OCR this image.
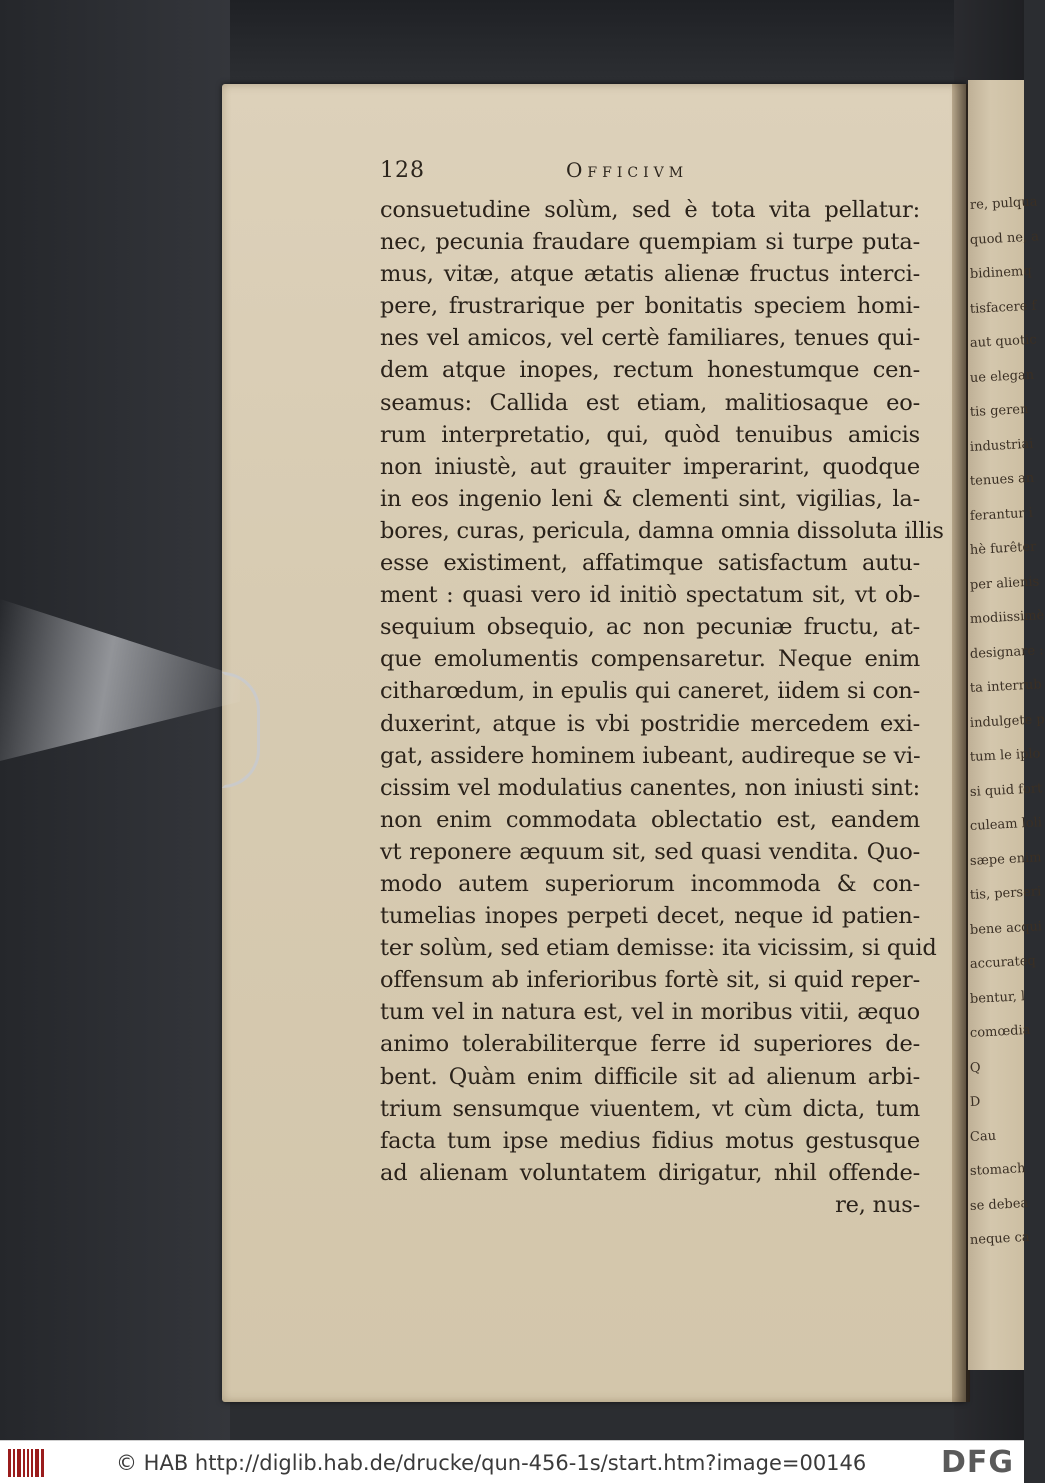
re, pulqua
quod ne, a
bidinemq
tisfacere f
aut quotic
ue elegan
tis geren
industriai
tenues an
ferantur i
hè furêter
per alienis
modiissimè
designare :
ta interrub
indulgete p
tum le iplo
si quid fort
culeam loli
sæpe enim
tis, perseri
bene acqui
accurateq
bentur, l
comœdia
Q
D
Cau
stomach
se debea
neque ca
128	Officivm
consuetudine solùm, sed è tota vita pellatur:
nec, pecunia fraudare quempiam si turpe puta-
mus, vitæ, atque ætatis alienæ fructus interci-
pere, frustrarique per bonitatis speciem homi-
nes vel amicos, vel certè familiares, tenues qui-
dem atque inopes, rectum honestumque cen-
seamus: Callida est etiam, malitiosaque eo-
rum interpretatio, qui, quòd tenuibus amicis
non iniustè, aut grauiter imperarint, quodque
in eos ingenio leni & clementi sint, vigilias, la-
bores, curas, pericula, damna omnia dissoluta illis
esse existiment, affatimque satisfactum autu-
ment : quasi vero id initiò spectatum sit, vt ob-
sequium obsequio, ac non pecuniæ fructu, at-
que emolumentis compensaretur. Neque enim
citharœdum, in epulis qui caneret, iidem si con-
duxerint, atque is vbi postridie mercedem exi-
gat, assidere hominem iubeant, audireque se vi-
cissim vel modulatius canentes, non iniusti sint:
non enim commodata oblectatio est, eandem
vt reponere æquum sit, sed quasi vendita. Quo-
modo autem superiorum incommoda & con-
tumelias inopes perpeti decet, neque id patien-
ter solùm, sed etiam demisse: ita vicissim, si quid
offensum ab inferioribus fortè sit, si quid reper-
tum vel in natura est, vel in moribus vitii, æquo
animo tolerabiliterque ferre id superiores de-
bent. Quàm enim difficile sit ad alienum arbi-
trium sensumque viuentem, vt cùm dicta, tum
facta tum ipse medius fidius motus gestusque
ad alienam voluntatem dirigatur, nhil offende-
re, nus-
© HAB http://diglib.hab.de/drucke/qun-456-1s/start.htm?image=00146 DFG
